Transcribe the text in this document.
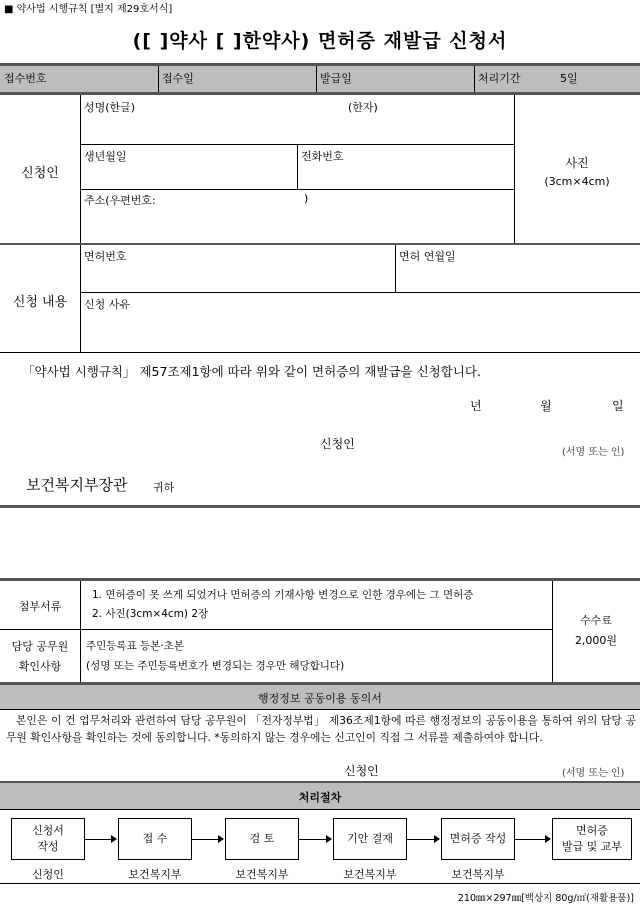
■ 약사법 시행규칙 [별지 제29호서식]
([ ]약사 [ ]한약사) 면허증 재발급 신청서
접수번호	접수일	발급일	처리기간	5일
신청인
성명(한글)	(한자)
생년월일	전화번호
주소(우편번호:	)
사진
(3cm×4cm)
신청 내용
면허번호	면허 연월일
신청 사유
「약사법 시행규칙」 제57조제1항에 따라 위와 같이 면허증의 재발급을 신청합니다.
년	월	일
신청인
(서명 또는 인)
보건복지부장관 귀하
첨부서류
1. 면허증이 못 쓰게 되었거나 면허증의 기재사항 변경으로 인한 경우에는 그 면허증
2. 사진(3cm×4cm) 2장
담당 공무원
확인사항
주민등록표 등본·초본
(성명 또는 주민등록번호가 변경되는 경우만 해당합니다)
수수료
2,000원
행정정보 공동이용 동의서
본인은 이 건 업무처리와 관련하여 담당 공무원이 「전자정부법」 제36조제1항에 따른 행정정보의 공동이용을 통하여 위의 담당 공무원 확인사항을 확인하는 것에 동의합니다. *동의하지 않는 경우에는 신고인이 직접 그 서류를 제출하여야 합니다.
신청인	(서명 또는 인)
처리절차
신청서
작성
접 수	검 토	기안 결재	면허증 작성
면허증
발급 및 교부
신청인	보건복지부	보건복지부	보건복지부	보건복지부
210㎜×297㎜[백상지 80g/㎡(재활용품)]
